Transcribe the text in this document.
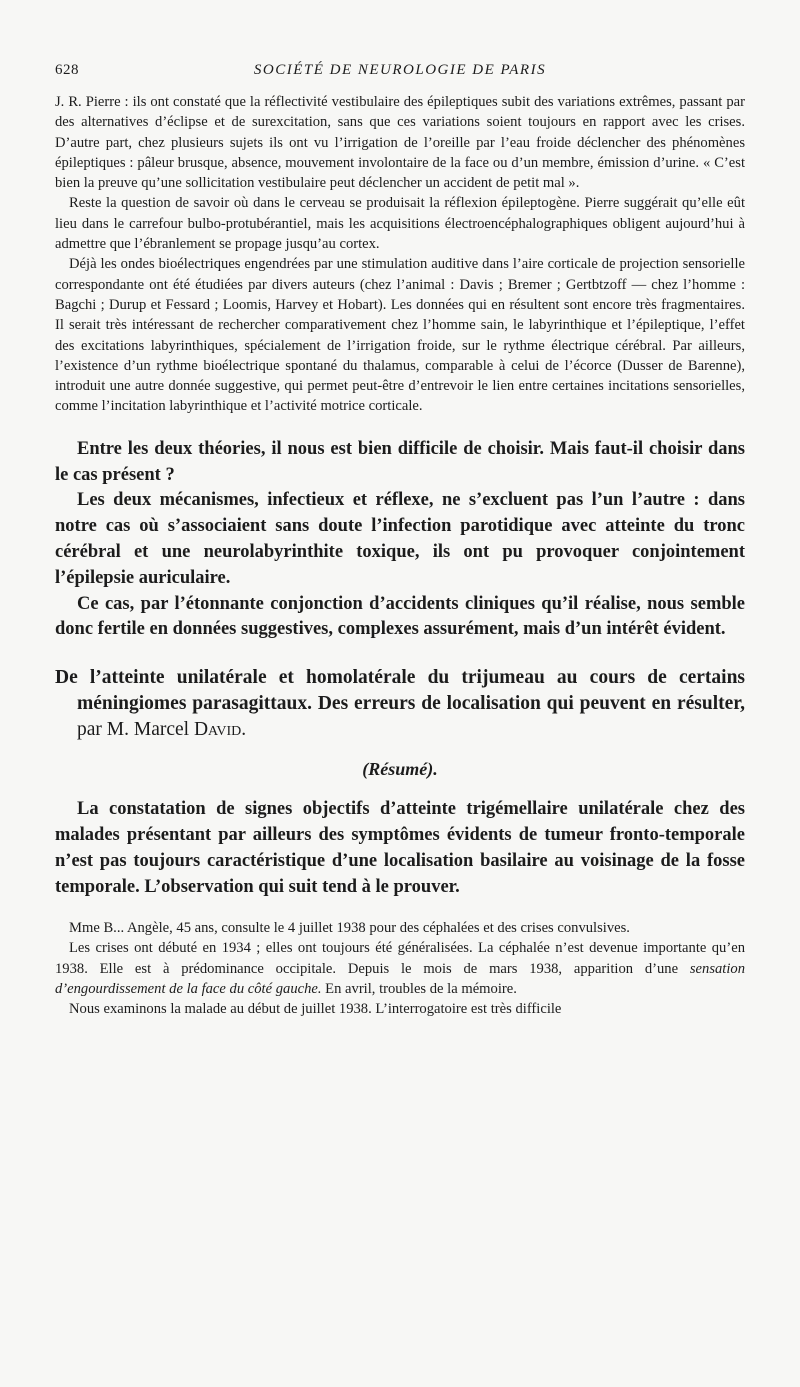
628	SOCIÉTÉ DE NEUROLOGIE DE PARIS

J. R. Pierre : ils ont constaté que la réflectivité vestibulaire des épileptiques subit des variations extrêmes, passant par des alternatives d’éclipse et de surexcitation, sans que ces variations soient toujours en rapport avec les crises. D’autre part, chez plusieurs sujets ils ont vu l’irrigation de l’oreille par l’eau froide déclencher des phénomènes épileptiques : pâleur brusque, absence, mouvement involontaire de la face ou d’un membre, émission d’urine. « C’est bien la preuve qu’une sollicitation vestibulaire peut déclencher un accident de petit mal ».

Reste la question de savoir où dans le cerveau se produisait la réflexion épileptogène. Pierre suggérait qu’elle eût lieu dans le carrefour bulbo-protubérantiel, mais les acquisitions électroencéphalographiques obligent aujourd’hui à admettre que l’ébranlement se propage jusqu’au cortex.

Déjà les ondes bioélectriques engendrées par une stimulation auditive dans l’aire corticale de projection sensorielle correspondante ont été étudiées par divers auteurs (chez l’animal : Davis ; Bremer ; Gertbtzoff — chez l’homme : Bagchi ; Durup et Fessard ; Loomis, Harvey et Hobart). Les données qui en résultent sont encore très fragmentaires. Il serait très intéressant de rechercher comparativement chez l’homme sain, le labyrinthique et l’épileptique, l’effet des excitations labyrinthiques, spécialement de l’irrigation froide, sur le rythme électrique cérébral. Par ailleurs, l’existence d’un rythme bioélectrique spontané du thalamus, comparable à celui de l’écorce (Dusser de Barenne), introduit une autre donnée suggestive, qui permet peut-être d’entrevoir le lien entre certaines incitations sensorielles, comme l’incitation labyrinthique et l’activité motrice corticale.

Entre les deux théories, il nous est bien difficile de choisir. Mais faut-il choisir dans le cas présent ?

Les deux mécanismes, infectieux et réflexe, ne s’excluent pas l’un l’autre : dans notre cas où s’associaient sans doute l’infection parotidique avec atteinte du tronc cérébral et une neurolabyrinthite toxique, ils ont pu provoquer conjointement l’épilepsie auriculaire.

Ce cas, par l’étonnante conjonction d’accidents cliniques qu’il réalise, nous semble donc fertile en données suggestives, complexes assurément, mais d’un intérêt évident.

De l’atteinte unilatérale et homolatérale du trijumeau au cours de certains méningiomes parasagittaux. Des erreurs de localisation qui peuvent en résulter, par M. Marcel David.
(Résumé).

La constatation de signes objectifs d’atteinte trigémellaire unilatérale chez des malades présentant par ailleurs des symptômes évidents de tumeur fronto-temporale n’est pas toujours caractéristique d’une localisation basilaire au voisinage de la fosse temporale. L’observation qui suit tend à le prouver.

Mme B... Angèle, 45 ans, consulte le 4 juillet 1938 pour des céphalées et des crises convulsives.

Les crises ont débuté en 1934 ; elles ont toujours été généralisées. La céphalée n’est devenue importante qu’en 1938. Elle est à prédominance occipitale. Depuis le mois de mars 1938, apparition d’une sensation d’engourdissement de la face du côté gauche. En avril, troubles de la mémoire.

Nous examinons la malade au début de juillet 1938. L’interrogatoire est très difficile
